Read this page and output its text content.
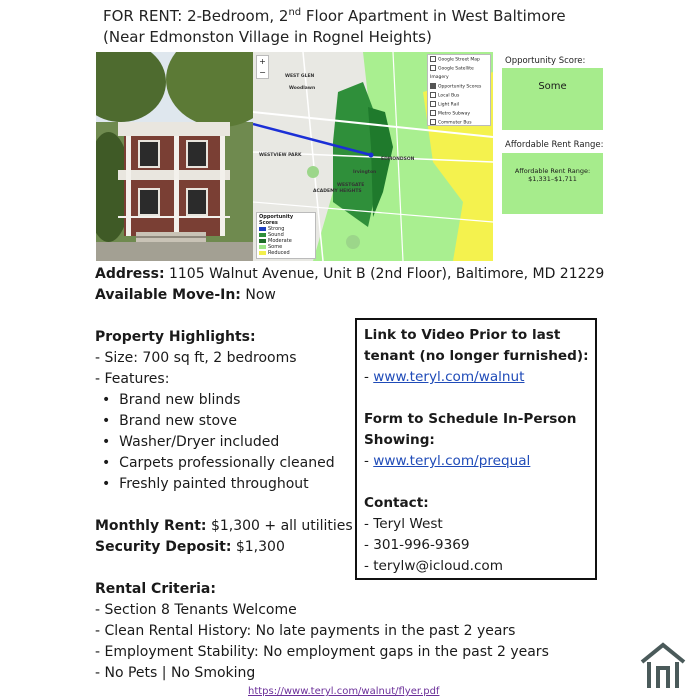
FOR RENT: 2-Bedroom, 2nd Floor Apartment in West Baltimore
(Near Edmonston Village in Rognel Heights)
+
−	WEST GLEN
Woodlawn
WESTVIEW PARK
ACADEMY HEIGHTS
WESTGATE
Irvington
EDMONDSON
Google Street Map
Google Satellite Imagery
Opportunity Scores
Local Bus
Light Rail
Metro Subway
Commuter Bus
Opportunity Scores
Strong
Sound
Moderate
Some
Reduced
Opportunity Score:
Some
Affordable Rent Range:
Affordable Rent Range:
$1,331–$1,711
Address: 1105 Walnut Avenue, Unit B (2nd Floor), Baltimore, MD 21229
Available Move-In: Now
Property Highlights:
- Size: 700 sq ft, 2 bedrooms
- Features:
•  Brand new blinds
•  Brand new stove
•  Washer/Dryer included
•  Carpets professionally cleaned
•  Freshly painted throughout
Monthly Rent: $1,300 + all utilities
Security Deposit: $1,300
Rental Criteria:
- Section 8 Tenants Welcome
- Clean Rental History: No late payments in the past 2 years
- Employment Stability: No employment gaps in the past 2 years
- No Pets | No Smoking
Link to Video Prior to last
tenant (no longer furnished):
- www.teryl.com/walnut

Form to Schedule In-Person
Showing:
- www.teryl.com/prequal

Contact:
- Teryl West
- 301-996-9369
- terylw@icloud.com
https://www.teryl.com/walnut/flyer.pdf
